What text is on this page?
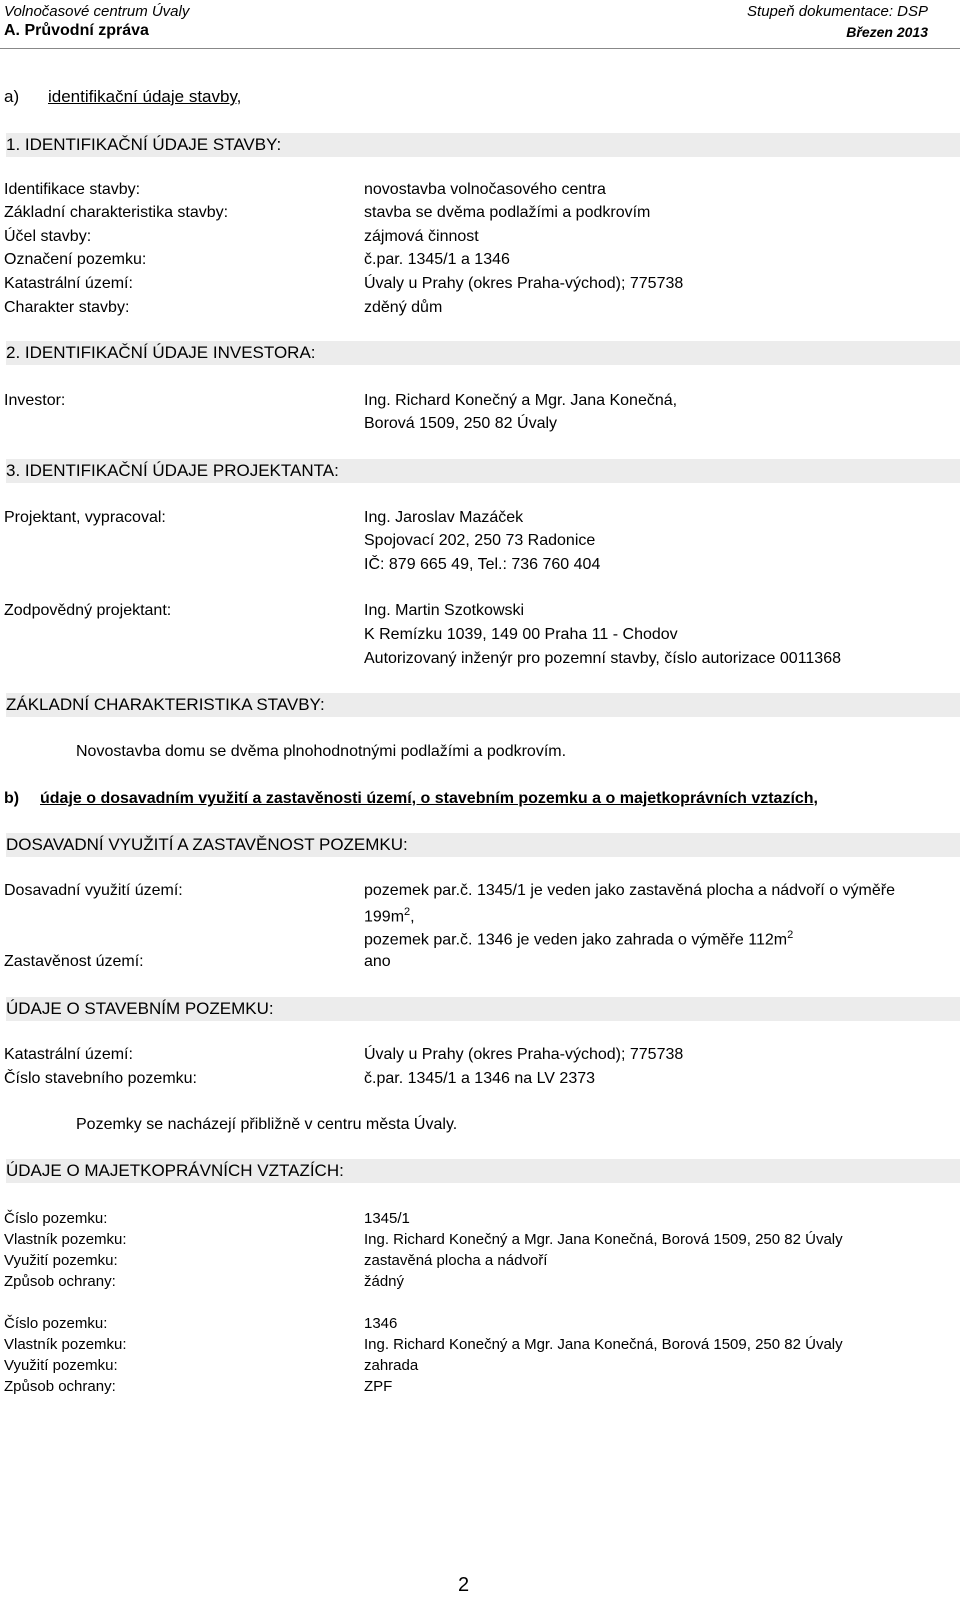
Volnočasové centrum Úvaly	Stupeň dokumentace: DSP
A. Průvodní zpráva	Březen 2013
a) identifikační údaje stavby,
1. IDENTIFIKAČNÍ ÚDAJE STAVBY:
Identifikace stavby:	novostavba volnočasového centra
Základní charakteristika stavby:	stavba se dvěma podlažími a podkrovím
Účel stavby:	zájmová činnost
Označení pozemku:	č.par. 1345/1 a 1346
Katastrální území:	Úvaly u Prahy (okres Praha-východ); 775738
Charakter stavby:	zděný dům
2. IDENTIFIKAČNÍ ÚDAJE INVESTORA:
Investor:	Ing. Richard Konečný a Mgr. Jana Konečná,
Borová 1509, 250 82 Úvaly
3. IDENTIFIKAČNÍ ÚDAJE PROJEKTANTA:
Projektant, vypracoval:	Ing. Jaroslav Mazáček
Spojovací 202, 250 73 Radonice
IČ: 879 665 49, Tel.: 736 760 404
Zodpovědný projektant:	Ing. Martin Szotkowski
K Remízku 1039, 149 00 Praha 11 - Chodov
Autorizovaný inženýr pro pozemní stavby, číslo autorizace 0011368
ZÁKLADNÍ CHARAKTERISTIKA STAVBY:
Novostavba domu se dvěma plnohodnotnými podlažími a podkrovím.
b) údaje o dosavadním využití a zastavěnosti území, o stavebním pozemku a o majetkoprávních vztazích,
DOSAVADNÍ VYUŽITÍ A ZASTAVĚNOST POZEMKU:
Dosavadní využití území:	pozemek par.č. 1345/1 je veden jako zastavěná plocha a nádvoří o výměře
$199m^2$,
pozemek par.č. 1346 je veden jako zahrada o výměře $112m^2$
Zastavěnost území:	ano
ÚDAJE O STAVEBNÍM POZEMKU:
Katastrální území:	Úvaly u Prahy (okres Praha-východ); 775738
Číslo stavebního pozemku:	č.par. 1345/1 a 1346 na LV 2373
Pozemky se nacházejí přibližně v centru města Úvaly.
ÚDAJE O MAJETKOPRÁVNÍCH VZTAZÍCH:
Číslo pozemku:	1345/1
Vlastník pozemku:	Ing. Richard Konečný a Mgr. Jana Konečná, Borová 1509, 250 82 Úvaly
Využití pozemku:	zastavěná plocha a nádvoří
Způsob ochrany:	žádný
Číslo pozemku:	1346
Vlastník pozemku:	Ing. Richard Konečný a Mgr. Jana Konečná, Borová 1509, 250 82 Úvaly
Využití pozemku:	zahrada
Způsob ochrany:	ZPF
2
